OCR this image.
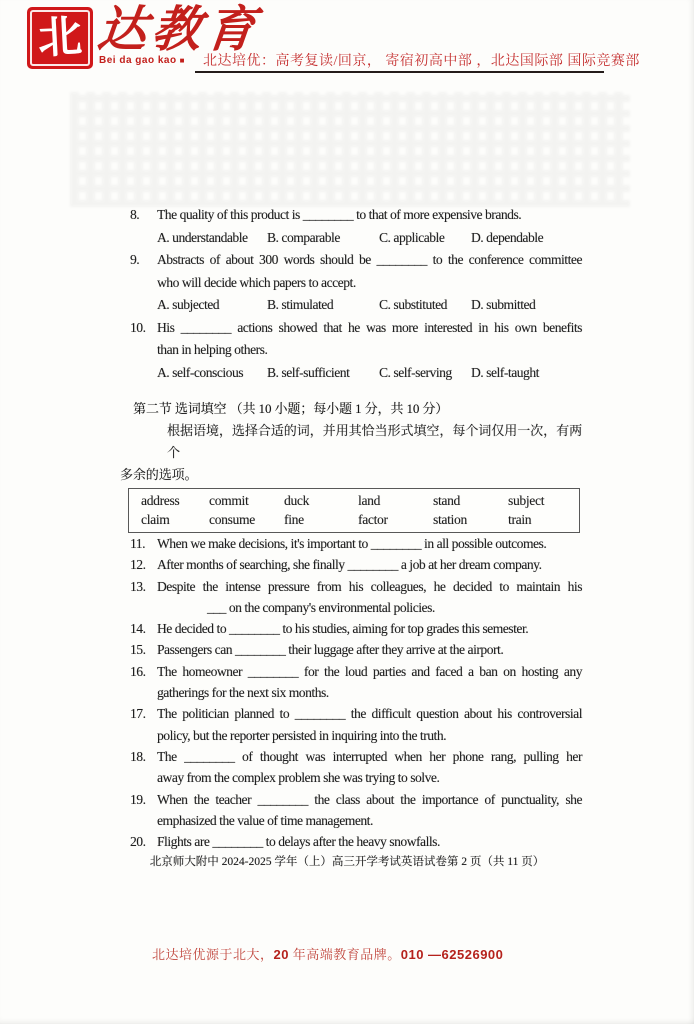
北 达教育
Bei da gao kao ■ 北达培优：高考复读/回京， 寄宿初高中部 ，北达国际部 国际竞赛部
8.	The quality of this product is ________ to that of more expensive brands.
A. understandable	B. comparable	C. applicable	D. dependable
9.	Abstracts of about 300 words should be ________ to the conference committee
who will decide which papers to accept.
A. subjected	B. stimulated	C. substituted	D. submitted
10. His ________ actions showed that he was more interested in his own benefits
than in helping others.
A. self-conscious	B. self-sufficient	C. self-serving	D. self-taught
第二节 选词填空 （共 10 小题；每小题 1 分，共 10 分）
根据语境，选择合适的词，并用其恰当形式填空，每个词仅用一次，有两个
多余的选项。
address	commit	duck	land	stand	subject
claim	consume	fine	factor	station	train
11. When we make decisions, it's important to ________ in all possible outcomes.
12. After months of searching, she finally ________ a job at her dream company.
13. Despite the intense pressure from his colleagues, he decided to maintain his
___ on the company's environmental policies.
14. He decided to ________ to his studies, aiming for top grades this semester.
15. Passengers can ________ their luggage after they arrive at the airport.
16. The homeowner ________ for the loud parties and faced a ban on hosting any
gatherings for the next six months.
17. The politician planned to ________ the difficult question about his controversial
policy, but the reporter persisted in inquiring into the truth.
18. The ________ of thought was interrupted when her phone rang, pulling her
away from the complex problem she was trying to solve.
19. When the teacher ________ the class about the importance of punctuality, she
emphasized the value of time management.
20. Flights are ________ to delays after the heavy snowfalls.
北京师大附中 2024-2025 学年（上）高三开学考试英语试卷第 2 页（共 11 页）
北达培优源于北大，20 年高端教育品牌。010 —62526900
